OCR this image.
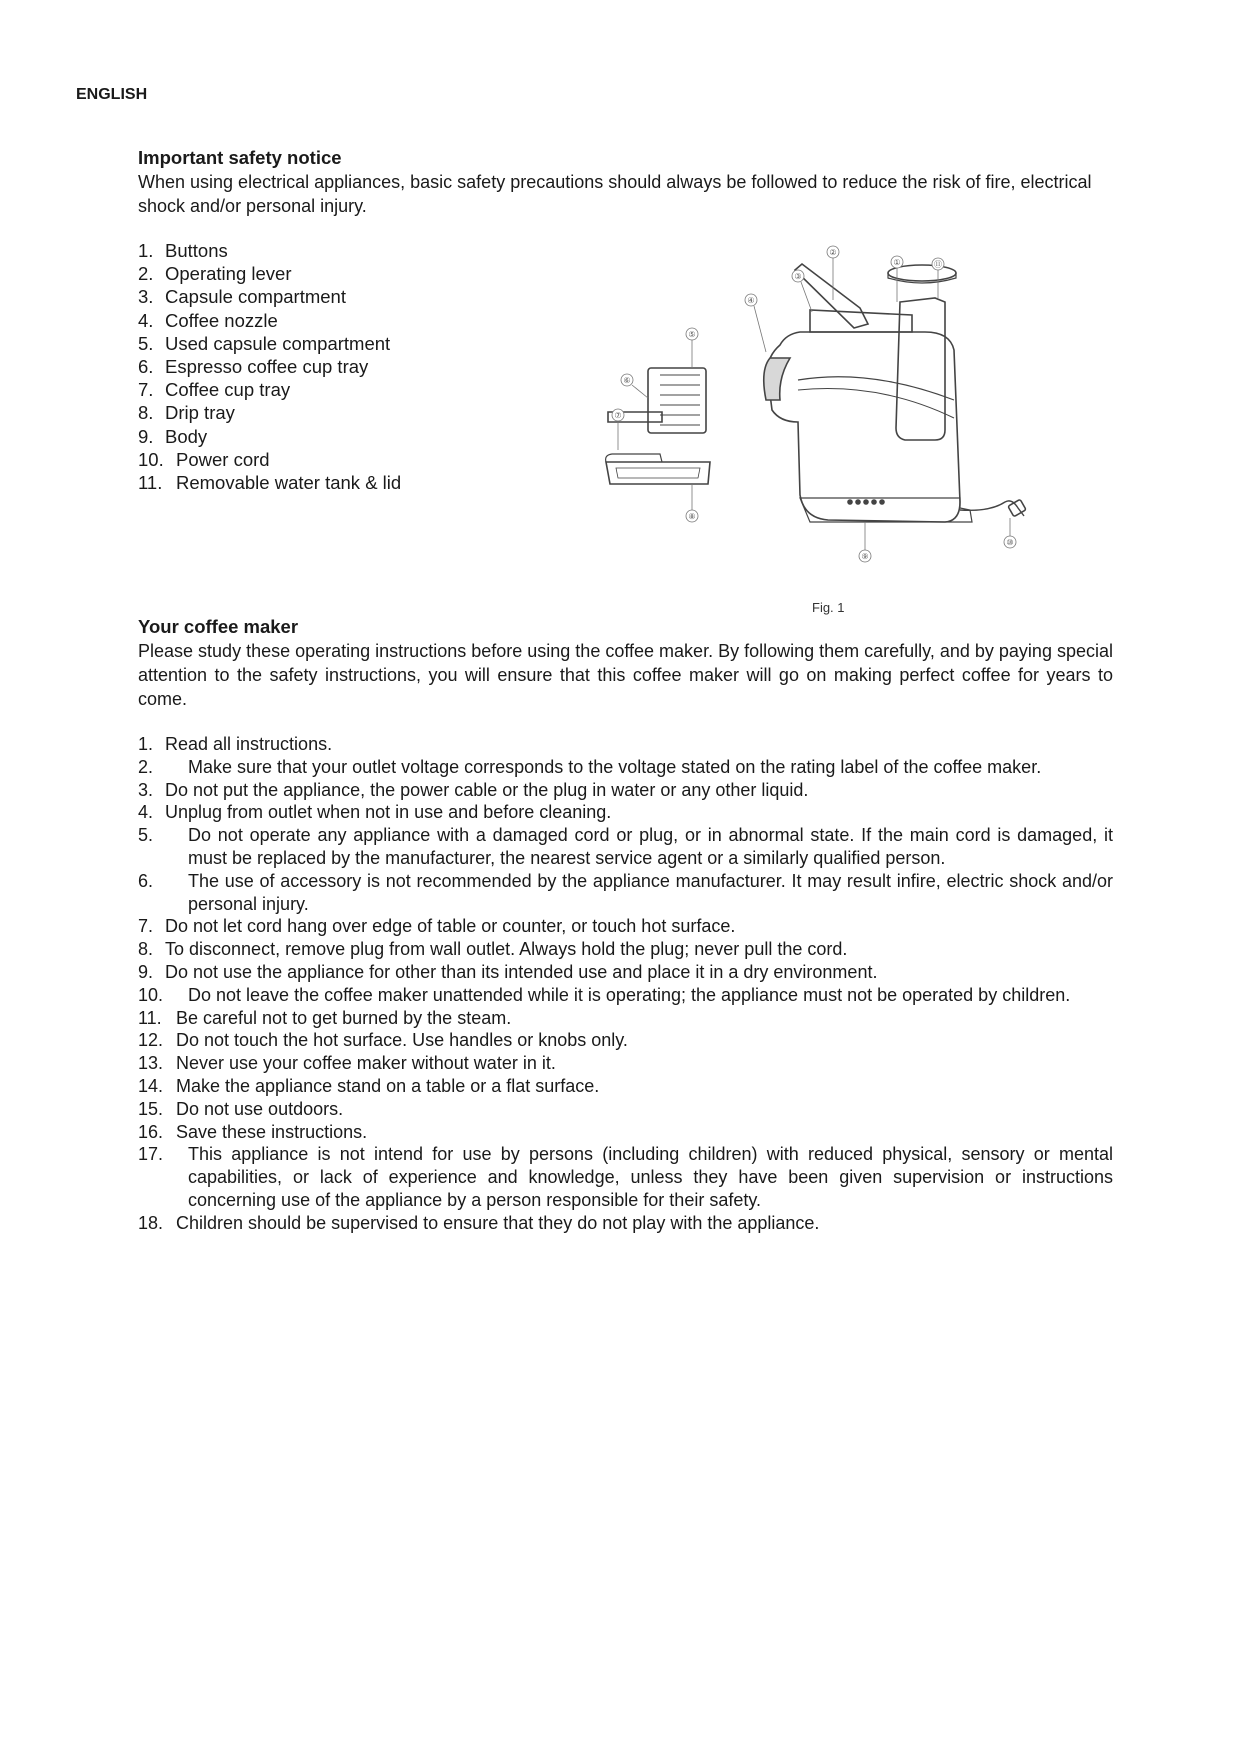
ENGLISH
Important safety notice
When using electrical appliances, basic safety precautions should always be followed to reduce the risk of fire, electrical shock and/or personal injury.
1. Buttons
2. Operating lever
3. Capsule compartment
4. Coffee nozzle
5. Used capsule compartment
6. Espresso coffee cup tray
7. Coffee cup tray
8. Drip tray
9. Body
10. Power cord
11. Removable water tank & lid
②
①	⑪
③
④
⑤
⑥
⑦
⑧
⑨
⑩
Fig. 1
Your coffee maker
Please study these operating instructions before using the coffee maker. By following them carefully, and by paying special attention to the safety instructions, you will ensure that this coffee maker will go on making perfect coffee for years to come.
1. Read all instructions.
2.	Make sure that your outlet voltage corresponds to the voltage stated on the rating label of the coffee maker.
3. Do not put the appliance, the power cable or the plug in water or any other liquid.
4. Unplug from outlet when not in use and before cleaning.
5.	Do not operate any appliance with a damaged cord or plug, or in abnormal state. If the main cord is damaged, it must be replaced by the manufacturer, the nearest service agent or a similarly qualified person.
6.	The use of accessory is not recommended by the appliance manufacturer. It may result infire, electric shock and/or personal injury.
7. Do not let cord hang over edge of table or counter, or touch hot surface.
8. To disconnect, remove plug from wall outlet. Always hold the plug; never pull the cord.
9. Do not use the appliance for other than its intended use and place it in a dry environment.
10.	Do not leave the coffee maker unattended while it is operating; the appliance must not be operated by children.
11. Be careful not to get burned by the steam.
12. Do not touch the hot surface. Use handles or knobs only.
13. Never use your coffee maker without water in it.
14. Make the appliance stand on a table or a flat surface.
15. Do not use outdoors.
16. Save these instructions.
17.	This appliance is not intend for use by persons (including children) with reduced physical, sensory or mental capabilities, or lack of experience and knowledge, unless they have been given supervision or instructions concerning use of the appliance by a person responsible for their safety.
18. Children should be supervised to ensure that they do not play with the appliance.
